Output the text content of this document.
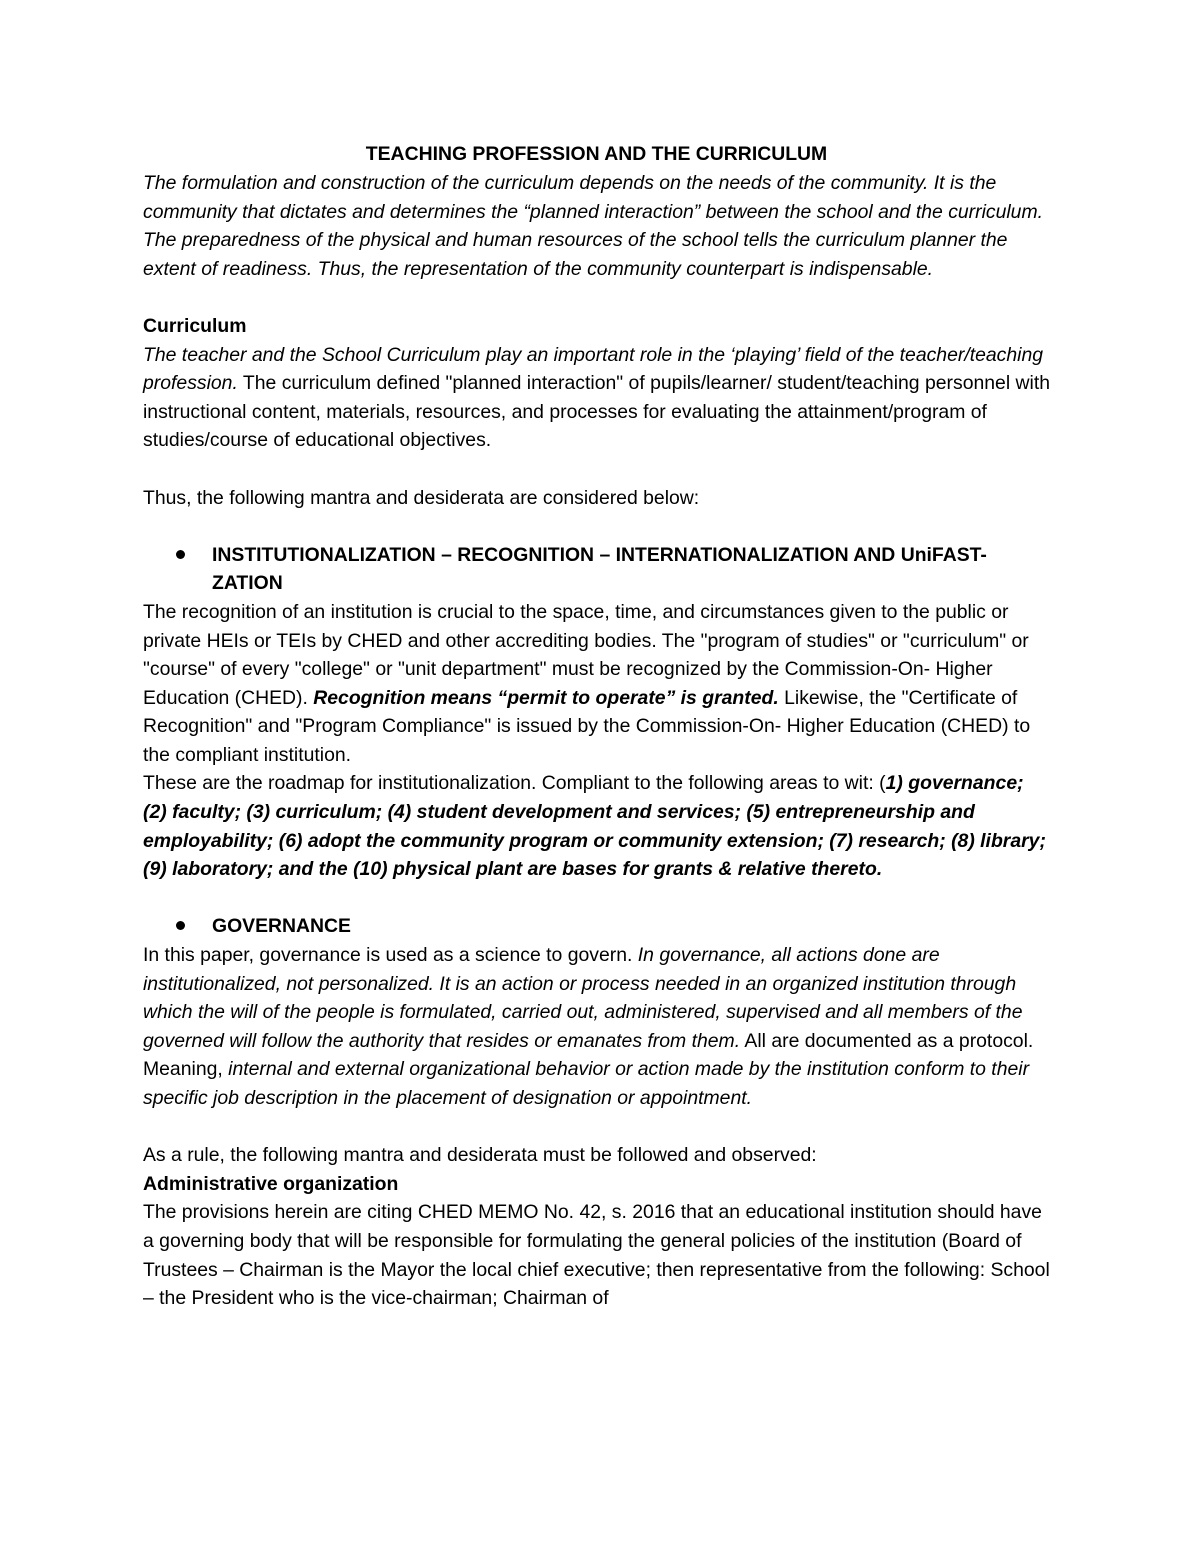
TEACHING PROFESSION AND THE CURRICULUM

The formulation and construction of the curriculum depends on the needs of the community. It is the community that dictates and determines the “planned interaction” between the school and the curriculum. The preparedness of the physical and human resources of the school tells the curriculum planner the extent of readiness. Thus, the representation of the community counterpart is indispensable.

Curriculum

The teacher and the School Curriculum play an important role in the ‘playing’ field of the teacher/teaching profession. The curriculum defined "planned interaction" of pupils/learner/ student/teaching personnel with instructional content, materials, resources, and processes for evaluating the attainment/program of studies/course of educational objectives.

Thus, the following mantra and desiderata are considered below:

INSTITUTIONALIZATION – RECOGNITION – INTERNATIONALIZATION AND UniFAST-ZATION

The recognition of an institution is crucial to the space, time, and circumstances given to the public or private HEIs or TEIs by CHED and other accrediting bodies. The "program of studies" or "curriculum" or "course" of every "college" or "unit department" must be recognized by the Commission-On- Higher Education (CHED). Recognition means “permit to operate” is granted. Likewise, the "Certificate of Recognition" and "Program Compliance" is issued by the Commission-On- Higher Education (CHED) to the compliant institution.

These are the roadmap for institutionalization. Compliant to the following areas to wit: (1) governance; (2) faculty; (3) curriculum; (4) student development and services; (5) entrepreneurship and employability; (6) adopt the community program or community extension; (7) research; (8) library; (9) laboratory; and the (10) physical plant are bases for grants & relative thereto.

GOVERNANCE

In this paper, governance is used as a science to govern. In governance, all actions done are institutionalized, not personalized. It is an action or process needed in an organized institution through which the will of the people is formulated, carried out, administered, supervised and all members of the governed will follow the authority that resides or emanates from them. All are documented as a protocol. Meaning, internal and external organizational behavior or action made by the institution conform to their specific job description in the placement of designation or appointment.

As a rule, the following mantra and desiderata must be followed and observed:

Administrative organization

The provisions herein are citing CHED MEMO No. 42, s. 2016 that an educational institution should have a governing body that will be responsible for formulating the general policies of the institution (Board of Trustees – Chairman is the Mayor the local chief executive; then representative from the following: School – the President who is the vice-chairman; Chairman of
